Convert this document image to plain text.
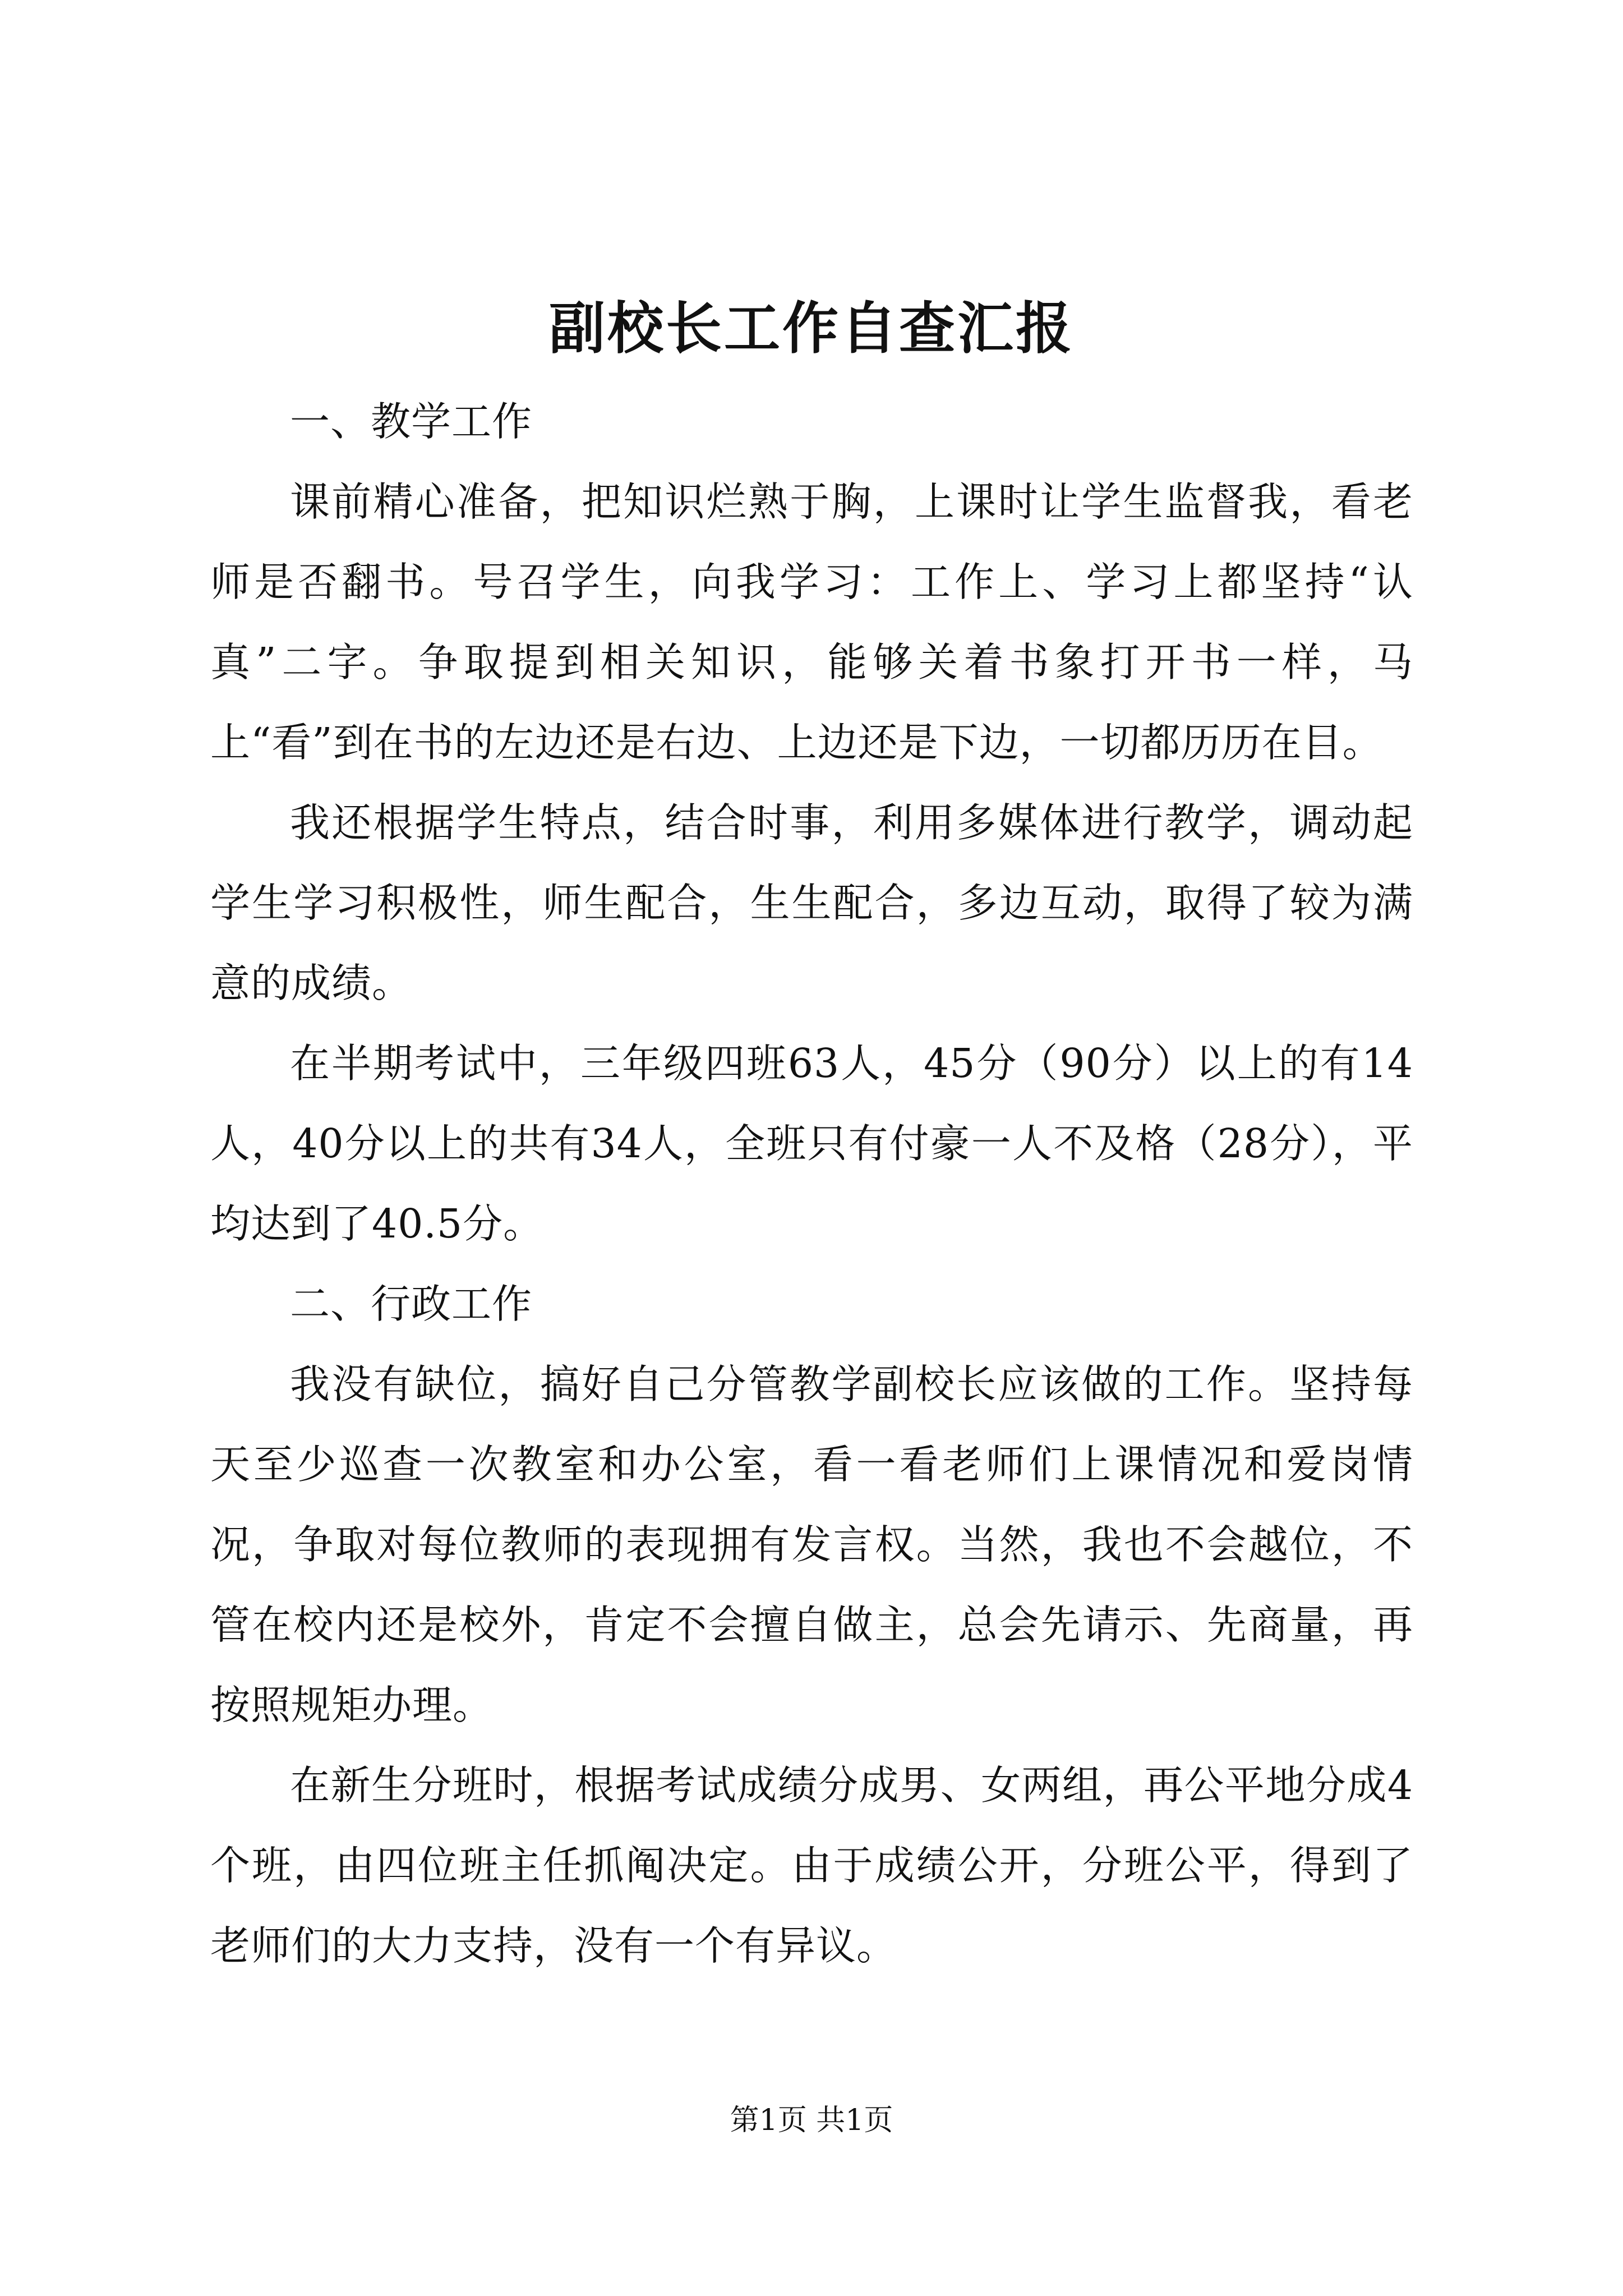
副校长工作自查汇报

一、教学工作

课前精心准备，把知识烂熟于胸，上课时让学生监督我，看老师是否翻书。号召学生，向我学习：工作上、学习上都坚持“认真”二字。争取提到相关知识，能够关着书象打开书一样，马上“看”到在书的左边还是右边、上边还是下边，一切都历历在目。

我还根据学生特点，结合时事，利用多媒体进行教学，调动起学生学习积极性，师生配合，生生配合，多边互动，取得了较为满意的成绩。

在半期考试中，三年级四班63人，45分（90分）以上的有14人，40分以上的共有34人，全班只有付豪一人不及格（28分），平均达到了40.5分。

二、行政工作

我没有缺位，搞好自己分管教学副校长应该做的工作。坚持每天至少巡查一次教室和办公室，看一看老师们上课情况和爱岗情况，争取对每位教师的表现拥有发言权。当然，我也不会越位，不管在校内还是校外，肯定不会擅自做主，总会先请示、先商量，再按照规矩办理。

在新生分班时，根据考试成绩分成男、女两组，再公平地分成4个班，由四位班主任抓阄决定。由于成绩公开，分班公平，得到了老师们的大力支持，没有一个有异议。

第1页 共1页
